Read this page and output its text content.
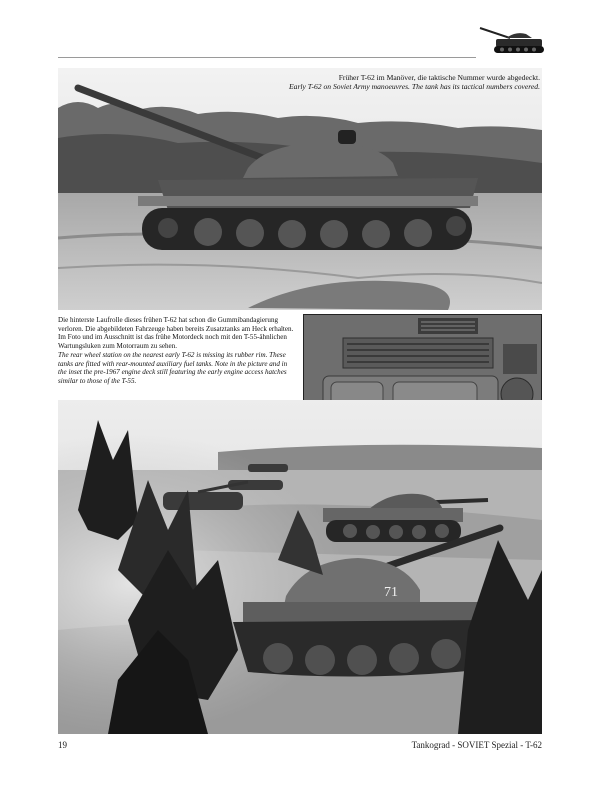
Früher T-62 im Manöver, die taktische Nummer wurde abgedeckt.
Early T-62 on Soviet Army manoeuvres. The tank has its tactical numbers covered.
71
Die hinterste Laufrolle dieses frühen T-62 hat schon die Gummibandagierung verloren. Die abgebildeten Fahrzeuge haben bereits Zusatztanks am Heck erhalten. Im Foto und im Ausschnitt ist das frühe Motordeck noch mit den T-55-ähnlichen Wartungsluken zum Motorraum zu sehen.
The rear wheel station on the nearest early T-62 is missing its rubber rim. These tanks are fitted with rear-mounted auxiliary fuel tanks. Note in the picture and in the inset the pre-1967 engine deck still featuring the early engine access hatches similar to those of the T-55.
19	Tankograd - SOVIET Spezial - T-62
